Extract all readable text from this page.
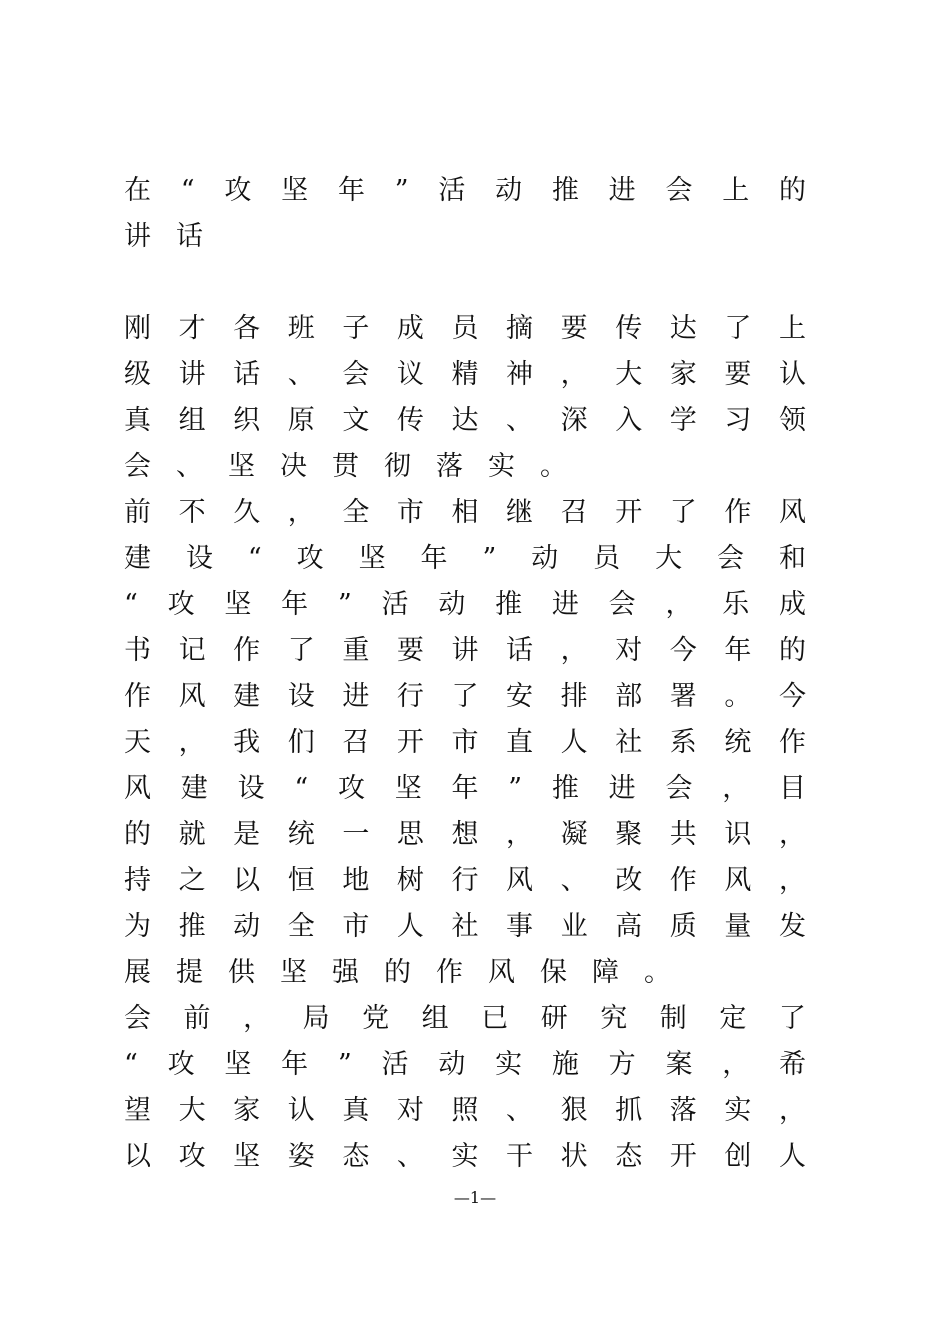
在 “ 攻 坚 年 ” 活 动 推 进 会 上 的
讲 话
刚 才 各 班 子 成 员 摘 要 传 达 了 上
级 讲 话 、 会 议 精 神 ， 大 家 要 认
真 组 织 原 文 传 达 、 深 入 学 习 领
会 、 坚 决 贯 彻 落 实 。
前 不 久 ， 全 市 相 继 召 开 了 作 风
建 设 “ 攻 坚 年 ” 动 员 大 会 和
“ 攻 坚 年 ” 活 动 推 进 会 ， 乐 成
书 记 作 了 重 要 讲 话 ， 对 今 年 的
作 风 建 设 进 行 了 安 排 部 署 。 今
天 ， 我 们 召 开 市 直 人 社 系 统 作
风 建 设 “ 攻 坚 年 ” 推 进 会 ， 目
的 就 是 统 一 思 想 ， 凝 聚 共 识 ，
持 之 以 恒 地 树 行 风 、 改 作 风 ，
为 推 动 全 市 人 社 事 业 高 质 量 发
展 提 供 坚 强 的 作 风 保 障 。
会 前 ， 局 党 组 已 研 究 制 定 了
“ 攻 坚 年 ” 活 动 实 施 方 案 ， 希
望 大 家 认 真 对 照 、 狠 抓 落 实 ，
以 攻 坚 姿 态 、 实 干 状 态 开 创 人
—1—
